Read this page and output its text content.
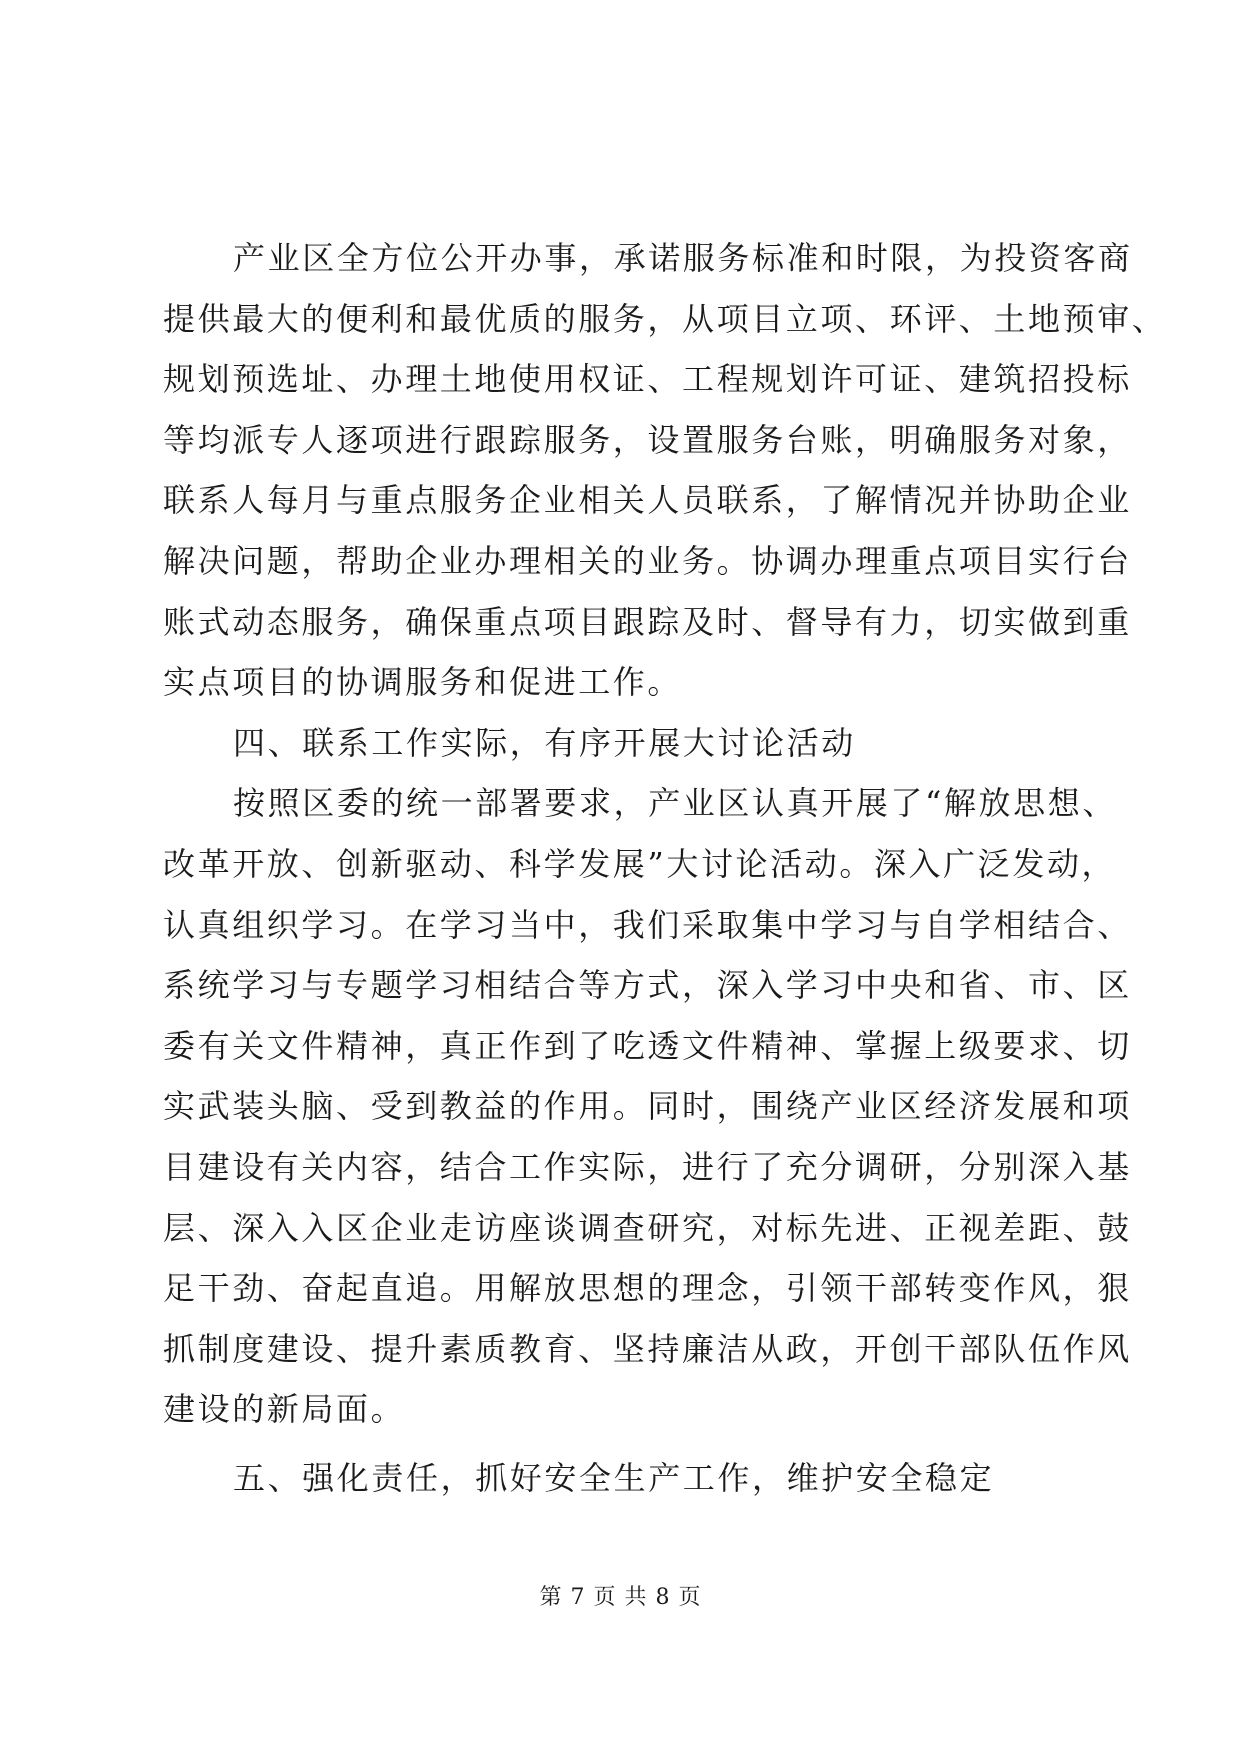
产业区全方位公开办事，承诺服务标准和时限，为投资客商
提供最大的便利和最优质的服务，从项目立项、环评、土地预审、
规划预选址、办理土地使用权证、工程规划许可证、建筑招投标
等均派专人逐项进行跟踪服务，设置服务台账，明确服务对象，
联系人每月与重点服务企业相关人员联系，了解情况并协助企业
解决问题，帮助企业办理相关的业务。协调办理重点项目实行台
账式动态服务，确保重点项目跟踪及时、督导有力，切实做到重
实点项目的协调服务和促进工作。
四、联系工作实际，有序开展大讨论活动
按照区委的统一部署要求，产业区认真开展了“解放思想、
改革开放、创新驱动、科学发展”大讨论活动。深入广泛发动，
认真组织学习。在学习当中，我们采取集中学习与自学相结合、
系统学习与专题学习相结合等方式，深入学习中央和省、市、区
委有关文件精神，真正作到了吃透文件精神、掌握上级要求、切
实武装头脑、受到教益的作用。同时，围绕产业区经济发展和项
目建设有关内容，结合工作实际，进行了充分调研，分别深入基
层、深入入区企业走访座谈调查研究，对标先进、正视差距、鼓
足干劲、奋起直追。用解放思想的理念，引领干部转变作风，狠
抓制度建设、提升素质教育、坚持廉洁从政，开创干部队伍作风
建设的新局面。
五、强化责任，抓好安全生产工作，维护安全稳定
第 7 页 共 8 页
